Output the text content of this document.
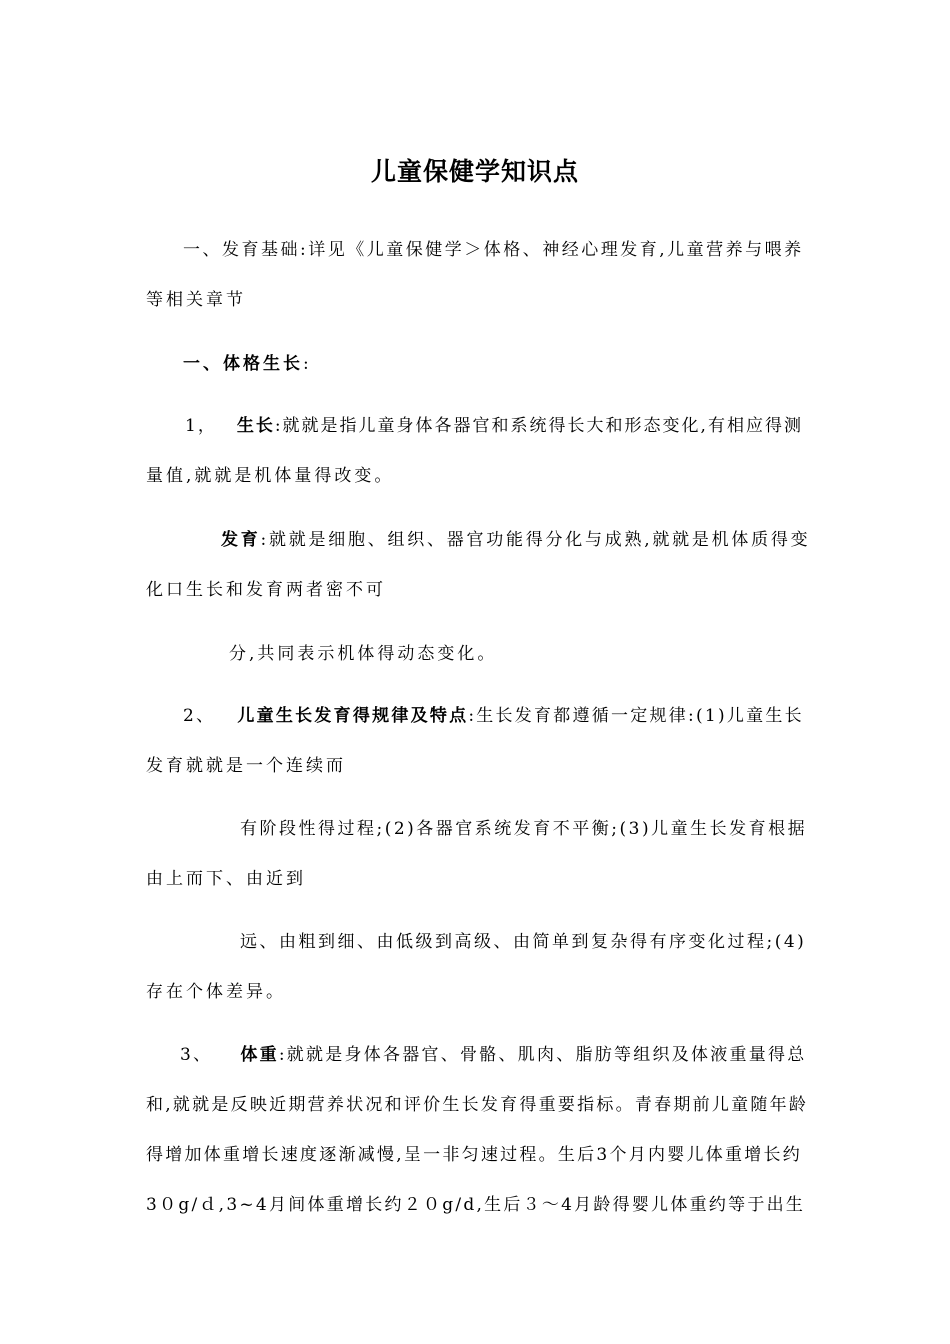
儿童保健学知识点
一、发育基础:详见《儿童保健学＞体格、神经心理发育,儿童营养与喂养
等相关章节
一、体格生长:
1， 生长:就就是指儿童身体各器官和系统得长大和形态变化,有相应得测
量值,就就是机体量得改变。
发育:就就是细胞、组织、器官功能得分化与成熟,就就是机体质得变
化口生长和发育两者密不可
分,共同表示机体得动态变化。
2、 儿童生长发育得规律及特点:生长发育都遵循一定规律:(1)儿童生长
发育就就是一个连续而
有阶段性得过程;(2)各器官系统发育不平衡;(3)儿童生长发育根据
由上而下、由近到
远、由粗到细、由低级到高级、由简单到复杂得有序变化过程;(4)
存在个体差异。
3、 体重:就就是身体各器官、骨骼、肌肉、脂肪等组织及体液重量得总
和,就就是反映近期营养状况和评价生长发育得重要指标。青春期前儿童随年龄
得增加体重增长速度逐渐减慢,呈一非匀速过程。生后3个月内婴儿体重增长约
3０g/ｄ,3~4月间体重增长约２０g/d,生后３～4月龄得婴儿体重约等于出生
